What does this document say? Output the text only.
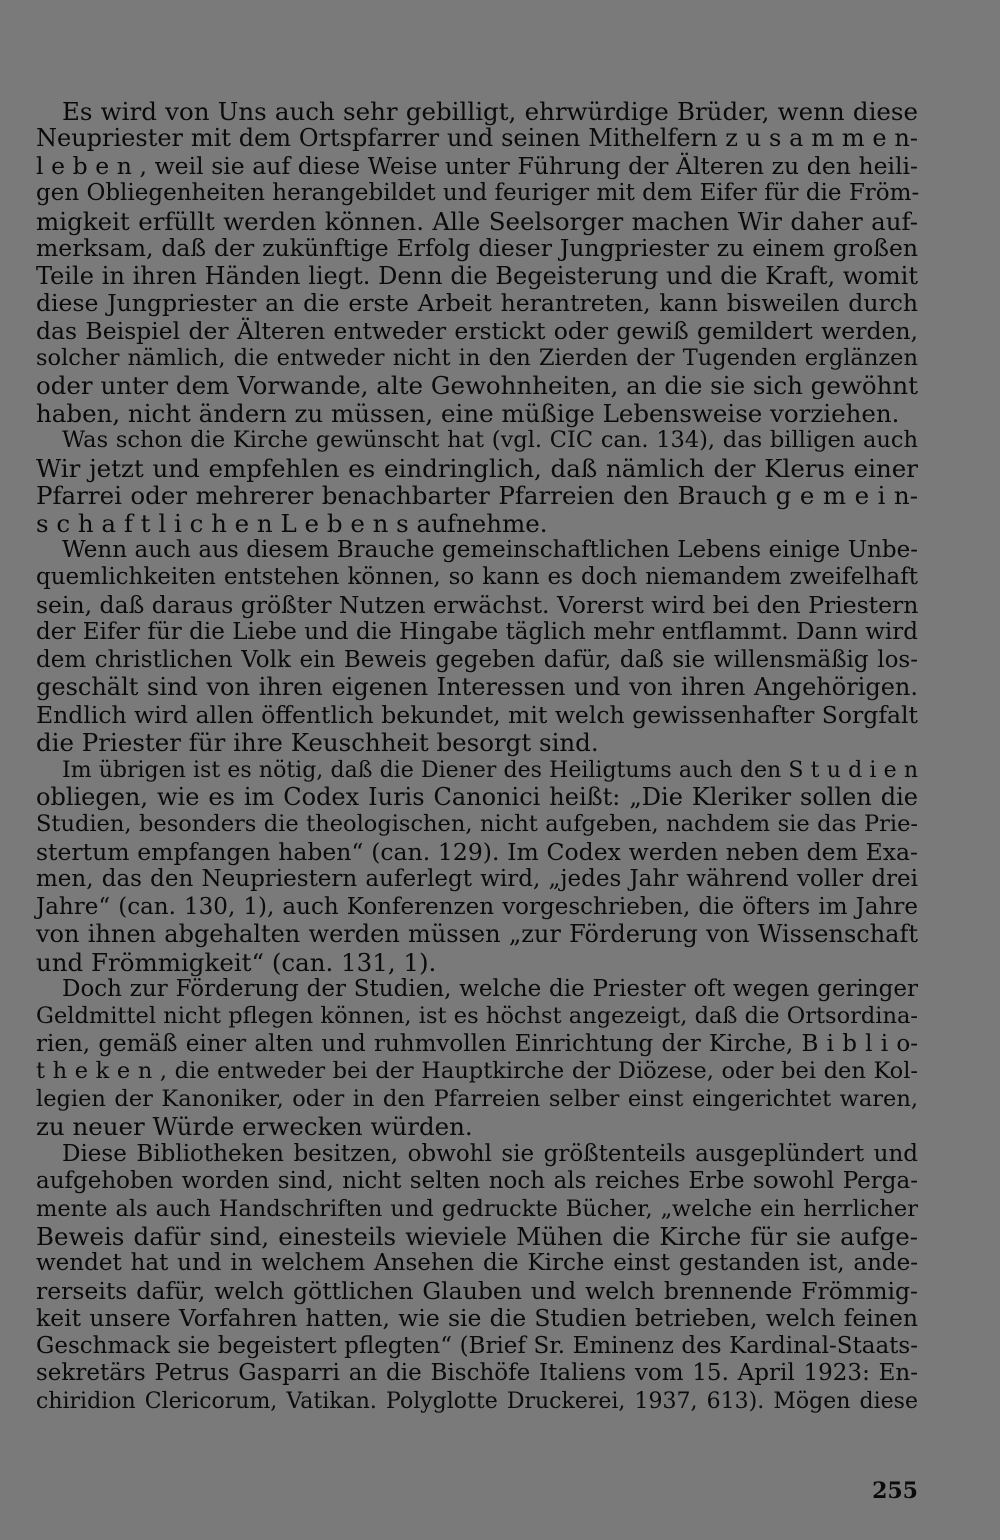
Es wird von Uns auch sehr gebilligt, ehrwürdige Brüder, wenn diese
Neupriester mit dem Ortspfarrer und seinen Mithelfern z u s a m m e n-
l e b e n , weil sie auf diese Weise unter Führung der Älteren zu den heili-
gen Obliegenheiten herangebildet und feuriger mit dem Eifer für die Fröm-
migkeit erfüllt werden können. Alle Seelsorger machen Wir daher auf-
merksam, daß der zukünftige Erfolg dieser Jungpriester zu einem großen
Teile in ihren Händen liegt. Denn die Begeisterung und die Kraft, womit
diese Jungpriester an die erste Arbeit herantreten, kann bisweilen durch
das Beispiel der Älteren entweder erstickt oder gewiß gemildert werden,
solcher nämlich, die entweder nicht in den Zierden der Tugenden erglänzen
oder unter dem Vorwande, alte Gewohnheiten, an die sie sich gewöhnt
haben, nicht ändern zu müssen, eine müßige Lebensweise vorziehen.
Was schon die Kirche gewünscht hat (vgl. CIC can. 134), das billigen auch
Wir jetzt und empfehlen es eindringlich, daß nämlich der Klerus einer
Pfarrei oder mehrerer benachbarter Pfarreien den Brauch g e m e i n-
s c h a f t l i c h e n L e b e n s aufnehme.
Wenn auch aus diesem Brauche gemeinschaftlichen Lebens einige Unbe-
quemlichkeiten entstehen können, so kann es doch niemandem zweifelhaft
sein, daß daraus größter Nutzen erwächst. Vorerst wird bei den Priestern
der Eifer für die Liebe und die Hingabe täglich mehr entflammt. Dann wird
dem christlichen Volk ein Beweis gegeben dafür, daß sie willensmäßig los-
geschält sind von ihren eigenen Interessen und von ihren Angehörigen.
Endlich wird allen öffentlich bekundet, mit welch gewissenhafter Sorgfalt
die Priester für ihre Keuschheit besorgt sind.
Im übrigen ist es nötig, daß die Diener des Heiligtums auch den S t u d i e n
obliegen, wie es im Codex Iuris Canonici heißt: „Die Kleriker sollen die
Studien, besonders die theologischen, nicht aufgeben, nachdem sie das Prie-
stertum empfangen haben“ (can. 129). Im Codex werden neben dem Exa-
men, das den Neupriestern auferlegt wird, „jedes Jahr während voller drei
Jahre“ (can. 130, 1), auch Konferenzen vorgeschrieben, die öfters im Jahre
von ihnen abgehalten werden müssen „zur Förderung von Wissenschaft
und Frömmigkeit“ (can. 131, 1).
Doch zur Förderung der Studien, welche die Priester oft wegen geringer
Geldmittel nicht pflegen können, ist es höchst angezeigt, daß die Ortsordina-
rien, gemäß einer alten und ruhmvollen Einrichtung der Kirche, B i b l i o-
t h e k e n , die entweder bei der Hauptkirche der Diözese, oder bei den Kol-
legien der Kanoniker, oder in den Pfarreien selber einst eingerichtet waren,
zu neuer Würde erwecken würden.
Diese Bibliotheken besitzen, obwohl sie größtenteils ausgeplündert und
aufgehoben worden sind, nicht selten noch als reiches Erbe sowohl Perga-
mente als auch Handschriften und gedruckte Bücher, „welche ein herrlicher
Beweis dafür sind, einesteils wieviele Mühen die Kirche für sie aufge-
wendet hat und in welchem Ansehen die Kirche einst gestanden ist, ande-
rerseits dafür, welch göttlichen Glauben und welch brennende Frömmig-
keit unsere Vorfahren hatten, wie sie die Studien betrieben, welch feinen
Geschmack sie begeistert pflegten“ (Brief Sr. Eminenz des Kardinal-Staats-
sekretärs Petrus Gasparri an die Bischöfe Italiens vom 15. April 1923: En-
chiridion Clericorum, Vatikan. Polyglotte Druckerei, 1937, 613). Mögen diese
255
